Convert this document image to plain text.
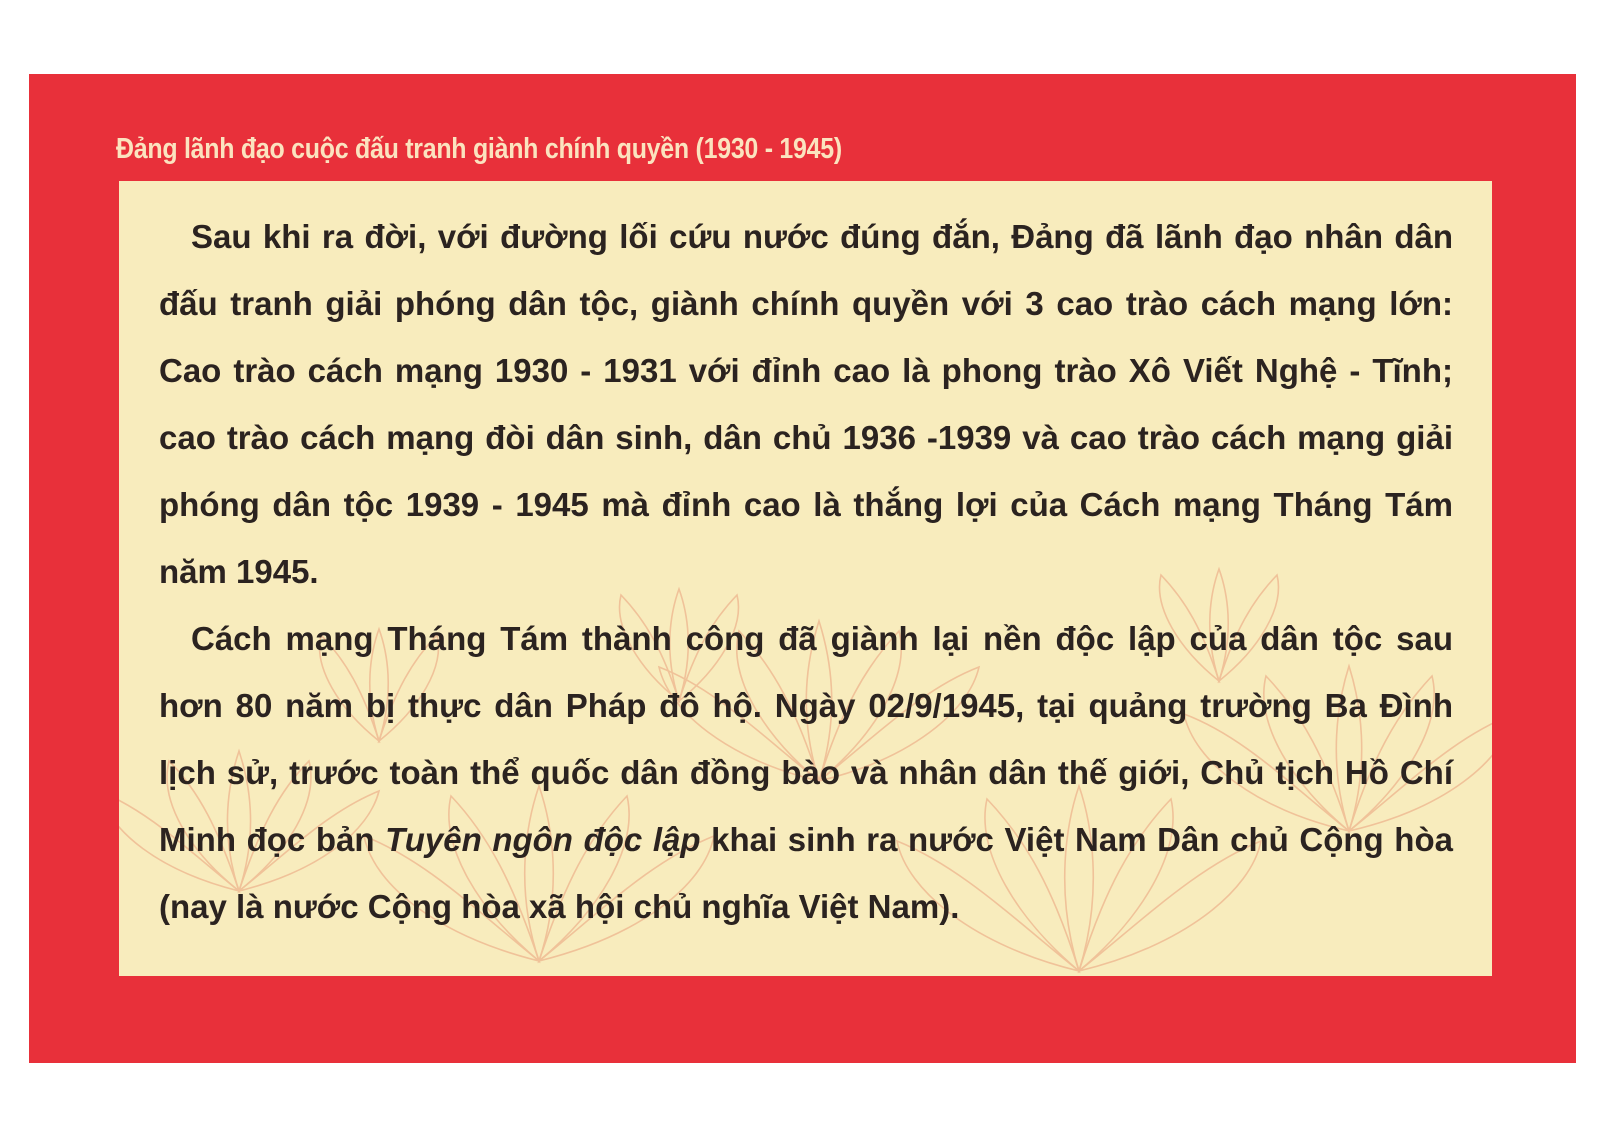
Đảng lãnh đạo cuộc đấu tranh giành chính quyền (1930 - 1945)

Sau khi ra đời, với đường lối cứu nước đúng đắn, Đảng đã lãnh đạo nhân dân đấu tranh giải phóng dân tộc, giành chính quyền với 3 cao trào cách mạng lớn: Cao trào cách mạng 1930 - 1931 với đỉnh cao là phong trào Xô Viết Nghệ - Tĩnh; cao trào cách mạng đòi dân sinh, dân chủ 1936 -1939 và cao trào cách mạng giải phóng dân tộc 1939 - 1945 mà đỉnh cao là thắng lợi của Cách mạng Tháng Tám năm 1945.

Cách mạng Tháng Tám thành công đã giành lại nền độc lập của dân tộc sau hơn 80 năm bị thực dân Pháp đô hộ. Ngày 02/9/1945, tại quảng trường Ba Đình lịch sử, trước toàn thể quốc dân đồng bào và nhân dân thế giới, Chủ tịch Hồ Chí Minh đọc bản Tuyên ngôn độc lập khai sinh ra nước Việt Nam Dân chủ Cộng hòa (nay là nước Cộng hòa xã hội chủ nghĩa Việt Nam).
